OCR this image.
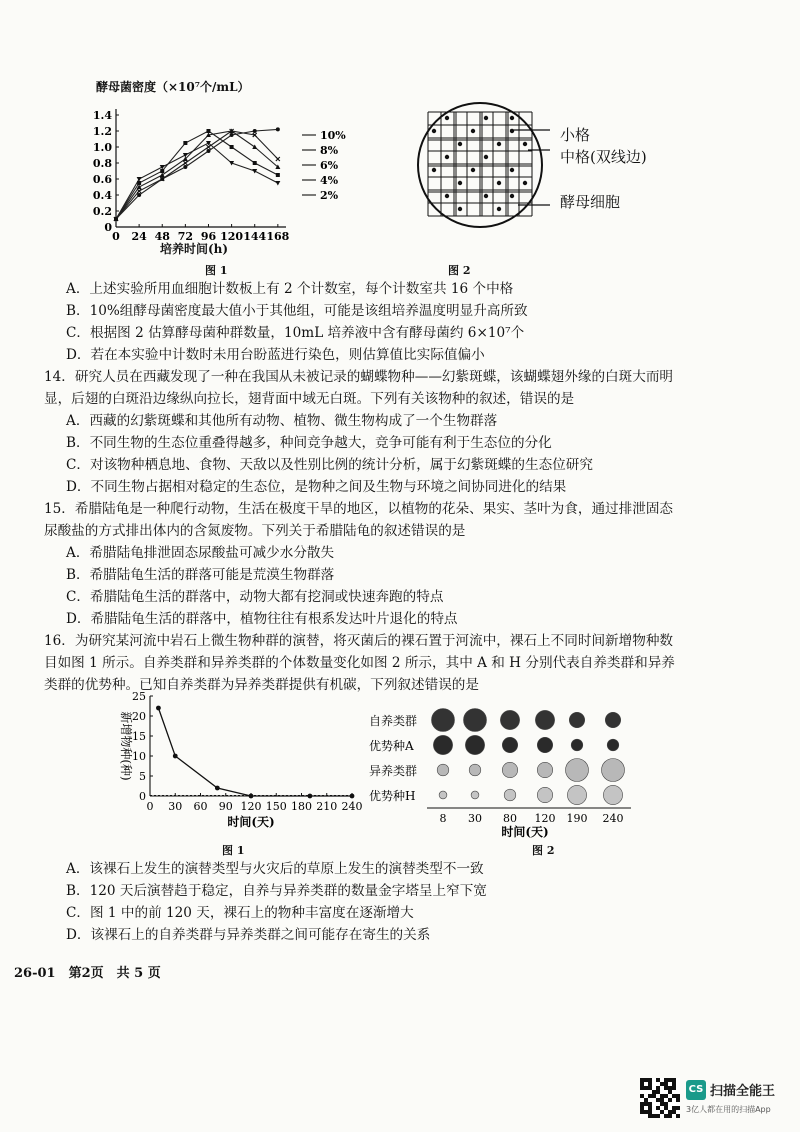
酵母菌密度（×10⁷个/mL）
0
0.2
0.4
0.6
0.8
1.0
1.2
1.4
0 24 48 72 96 120 144 168
10%
8%
6%
4%
2%
培养时间(h)
图 1
小格
中格(双线边)
酵母细胞
图 2
A．上述实验所用血细胞计数板上有 2 个计数室，每个计数室共 16 个中格
B．10%组酵母菌密度最大值小于其他组，可能是该组培养温度明显升高所致
C．根据图 2 估算酵母菌种群数量，10mL 培养液中含有酵母菌约 6×10⁷个
D．若在本实验中计数时未用台盼蓝进行染色，则估算值比实际值偏小
14．研究人员在西藏发现了一种在我国从未被记录的蝴蝶物种——幻紫斑蝶，该蝴蝶翅外缘的白斑大而明
显，后翅的白斑沿边缘纵向拉长，翅背面中域无白斑。下列有关该物种的叙述，错误的是
A．西藏的幻紫斑蝶和其他所有动物、植物、微生物构成了一个生物群落
B．不同生物的生态位重叠得越多，种间竞争越大，竞争可能有利于生态位的分化
C．对该物种栖息地、食物、天敌以及性别比例的统计分析，属于幻紫斑蝶的生态位研究
D．不同生物占据相对稳定的生态位，是物种之间及生物与环境之间协同进化的结果
15．希腊陆龟是一种爬行动物，生活在极度干旱的地区，以植物的花朵、果实、茎叶为食，通过排泄固态
尿酸盐的方式排出体内的含氮废物。下列关于希腊陆龟的叙述错误的是
A．希腊陆龟排泄固态尿酸盐可减少水分散失
B．希腊陆龟生活的群落可能是荒漠生物群落
C．希腊陆龟生活的群落中，动物大都有挖洞或快速奔跑的特点
D．希腊陆龟生活的群落中，植物往往有根系发达叶片退化的特点
16．为研究某河流中岩石上微生物种群的演替，将灭菌后的裸石置于河流中，裸石上不同时间新增物种数
目如图 1 所示。自养类群和异养类群的个体数量变化如图 2 所示，其中 A 和 H 分别代表自养类群和异养
类群的优势种。已知自养类群为异养类群提供有机碳，下列叙述错误的是
0
5
10
15
20
25
0 30 60 90 120 150 180 210 240
时间(天)
新增物种(种)
图 1
自养类群
优势种A
异养类群
优势种H
8 30 80 120 190 240
时间(天)
图 2
A．该裸石上发生的演替类型与火灾后的草原上发生的演替类型不一致
B．120 天后演替趋于稳定，自养与异养类群的数量金字塔呈上窄下宽
C．图 1 中的前 120 天，裸石上的物种丰富度在逐渐增大
D．该裸石上的自养类群与异养类群之间可能存在寄生的关系
26-01　第2页　共 5 页
CS 扫描全能王
3亿人都在用的扫描App
